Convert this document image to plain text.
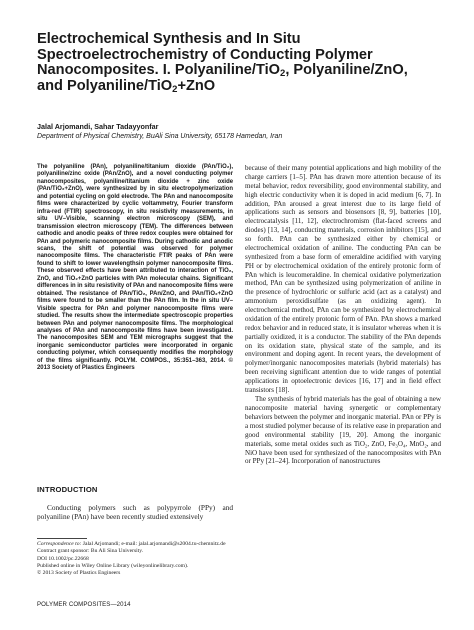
Electrochemical Synthesis and In Situ
Spectroelectrochemistry of Conducting Polymer
Nanocomposites. I. Polyaniline/TiO$_2$, Polyaniline/ZnO,
and Polyaniline/TiO$_2$+ZnO
Jalal Arjomandi, Sahar Tadayyonfar
Department of Physical Chemistry, BuAli Sina University, 65178 Hamedan, Iran
The polyaniline (PAn), polyaniline/titanium dioxide (PAn/TiO₂), polyaniline/zinc oxide (PAn/ZnO), and a novel conducting polymer nanocomposites, polyaniline/titanium dioxide + zinc oxide (PAn/TiO₂+ZnO), were synthesized by in situ electropolymerization and potential cycling on gold electrode. The PAn and nanocomposite films were characterized by cyclic voltammetry, Fourier transform infra-red (FTIR) spectroscopy, in situ resistivity measurements, in situ UV–Visible, scanning electron microscopy (SEM), and transmission electron microscopy (TEM). The differences between cathodic and anodic peaks of three redox couples were obtained for PAn and polymeric nanocomposite films. During cathodic and anodic scans, the shift of potential was observed for polymer nanocomposite films. The characteristic FTIR peaks of PAn were found to shift to lower wavelengthsin polymer nanocomposite films. These observed effects have been attributed to interaction of TiO₂, ZnO, and TiO₂+ZnO particles with PAn molecular chains. Significant differences in in situ resistivity of PAn and nanocomposite films were obtained. The resistance of PAn/TiO₂, PAn/ZnO, and PAn/TiO₂+ZnO films were found to be smaller than the PAn film. In the in situ UV–Visible spectra for PAn and polymer nanocomposite films were studied. The results show the intermediate spectroscopic properties between PAn and polymer nanocomposite films. The morphological analyses of PAn and nanocomposite films have been investigated. The nanocomposites SEM and TEM micrographs suggest that the inorganic semiconductor particles were incorporated in organic conducting polymer, which consequently modifies the morphology of the films significantly. POLYM. COMPOS., 35:351–363, 2014. © 2013 Society of Plastics Engineers
INTRODUCTION
Conducting polymers such as polypyrrole (PPy) and polyaniline (PAn) have been recently studied extensively
Correspondence to: Jalal Arjomandi; e-mail: jalal.arjomandi@s2004.tu-chemnitz.de
Contract grant sponsor: Bu Ali Sina University.
DOI 10.1002/pc.22668
Published online in Wiley Online Library (wileyonlinelibrary.com).
© 2013 Society of Plastics Engineers

because of their many potential applications and high mobility of the charge carriers [1–5]. PAn has drawn more attention because of its metal behavior, redox reversibility, good environmental stability, and high electric conductivity when it is doped in acid medium [6, 7]. In addition, PAn aroused a great interest due to its large field of applications such as sensors and biosensors [8, 9], batteries [10], electrocatalysis [11, 12], electrochromism (flat-faced screens and diodes) [13, 14], conducting materials, corrosion inhibitors [15], and so forth. PAn can be synthesized either by chemical or electrochemical oxidation of aniline. The conducting PAn can be synthesized from a base form of emeraldine acidified with varying PH or by electrochemical oxidation of the entirely protonic form of PAn which is leucomeraldine. In chemical oxidative polymerization method, PAn can be synthesized using polymerization of aniline in the presence of hydrochloric or sulfuric acid (act as a catalyst) and ammonium peroxidisulfate (as an oxidizing agent). In electrochemical method, PAn can be synthesized by electrochemical oxidation of the entirely protonic form of PAn. PAn shows a marked redox behavior and in reduced state, it is insulator whereas when it is partially oxidized, it is a conductor. The stability of the PAn depends on its oxidation state, physical state of the sample, and its environment and doping agent. In recent years, the development of polymer/inorganic nanocomposites materials (hybrid materials) has been receiving significant attention due to wide ranges of potential applications in optoelectronic devices [16, 17] and in field effect transistors [18].

The synthesis of hybrid materials has the goal of obtaining a new nanocomposite material having synergetic or complementary behaviors between the polymer and inorganic material. PAn or PPy is a most studied polymer because of its relative ease in preparation and good environmental stability [19, 20]. Among the inorganic materials, some metal oxides such as TiO₂, ZnO, Fe₃O₄, MnO₂, and NiO have been used for synthesized of the nanocomposites with PAn or PPy [21–24]. Incorporation of nanostructures

POLYMER COMPOSITES—2014
